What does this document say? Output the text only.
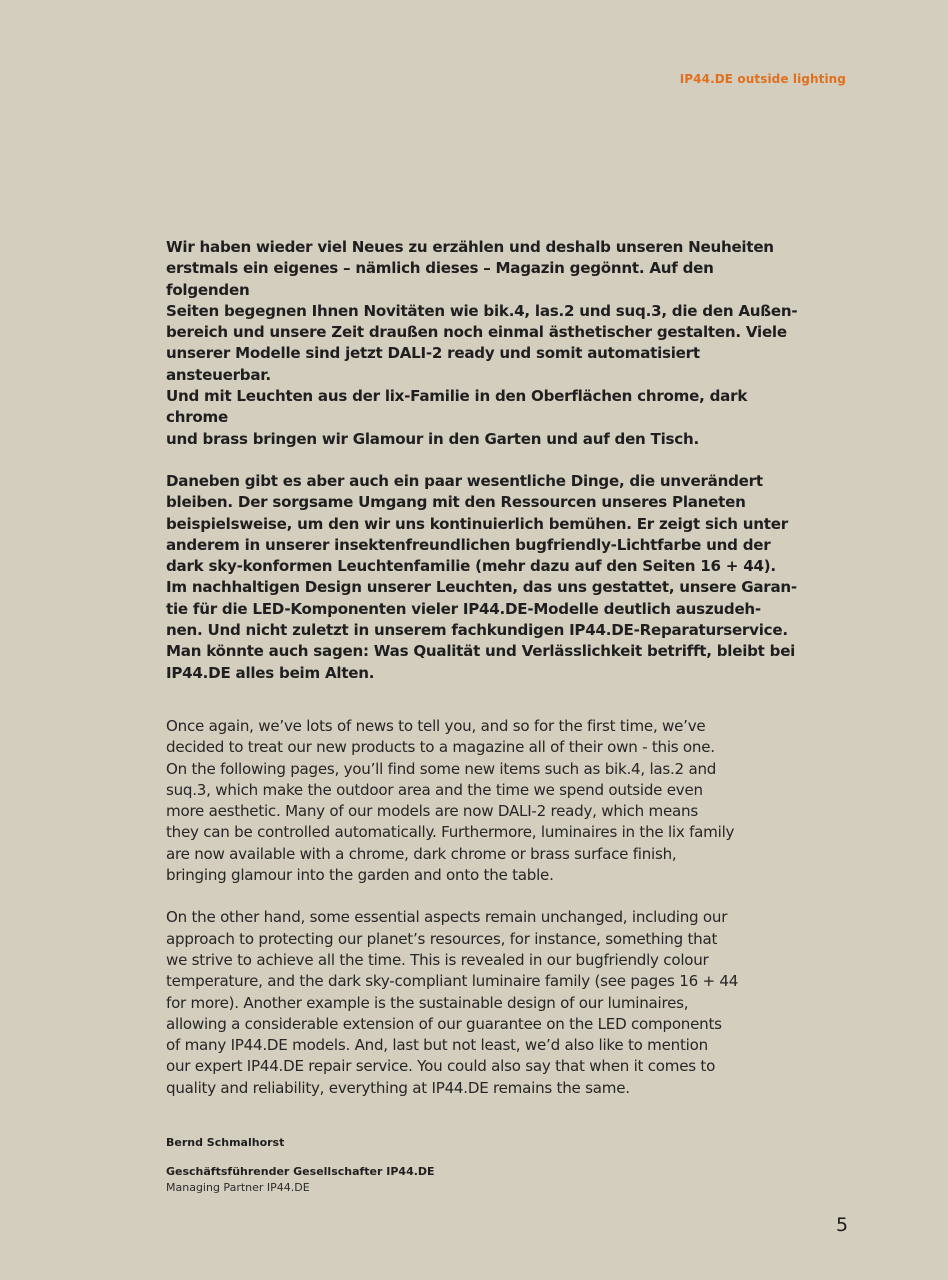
IP44.DE outside lighting

Wir haben wieder viel Neues zu erzählen und deshalb unseren Neuheiten
erstmals ein eigenes – nämlich dieses – Magazin gegönnt. Auf den folgenden
Seiten begegnen Ihnen Novitäten wie bik.4, las.2 und suq.3, die den Außen-
bereich und unsere Zeit draußen noch einmal ästhetischer gestalten. Viele
unserer Modelle sind jetzt DALI-2 ready und somit automatisiert ansteuerbar.
Und mit Leuchten aus der lix-Familie in den Oberflächen chrome, dark chrome
und brass bringen wir Glamour in den Garten und auf den Tisch.

Daneben gibt es aber auch ein paar wesentliche Dinge, die unverändert
bleiben. Der sorgsame Umgang mit den Ressourcen unseres Planeten
beispielsweise, um den wir uns kontinuierlich bemühen. Er zeigt sich unter
anderem in unserer insektenfreundlichen bugfriendly-Lichtfarbe und der
dark sky-konformen Leuchtenfamilie (mehr dazu auf den Seiten 16 + 44).
Im nachhaltigen Design unserer Leuchten, das uns gestattet, unsere Garan-
tie für die LED-Komponenten vieler IP44.DE-Modelle deutlich auszudeh-
nen. Und nicht zuletzt in unserem fachkundigen IP44.DE-Reparaturservice.
Man könnte auch sagen: Was Qualität und Verlässlichkeit betrifft, bleibt bei
IP44.DE alles beim Alten.

Once again, we’ve lots of news to tell you, and so for the first time, we’ve
decided to treat our new products to a magazine all of their own - this one.
On the following pages, you’ll find some new items such as bik.4, las.2 and
suq.3, which make the outdoor area and the time we spend outside even
more aesthetic. Many of our models are now DALI-2 ready, which means
they can be controlled automatically. Furthermore, luminaires in the lix family
are now available with a chrome, dark chrome or brass surface finish,
bringing glamour into the garden and onto the table.

On the other hand, some essential aspects remain unchanged, including our
approach to protecting our planet’s resources, for instance, something that
we strive to achieve all the time. This is revealed in our bugfriendly colour
temperature, and the dark sky-compliant luminaire family (see pages 16 + 44
for more). Another example is the sustainable design of our luminaires,
allowing a considerable extension of our guarantee on the LED components
of many IP44.DE models. And, last but not least, we’d also like to mention
our expert IP44.DE repair service. You could also say that when it comes to
quality and reliability, everything at IP44.DE remains the same.

Bernd Schmalhorst

Geschäftsführender Gesellschafter IP44.DE

Managing Partner IP44.DE

5
